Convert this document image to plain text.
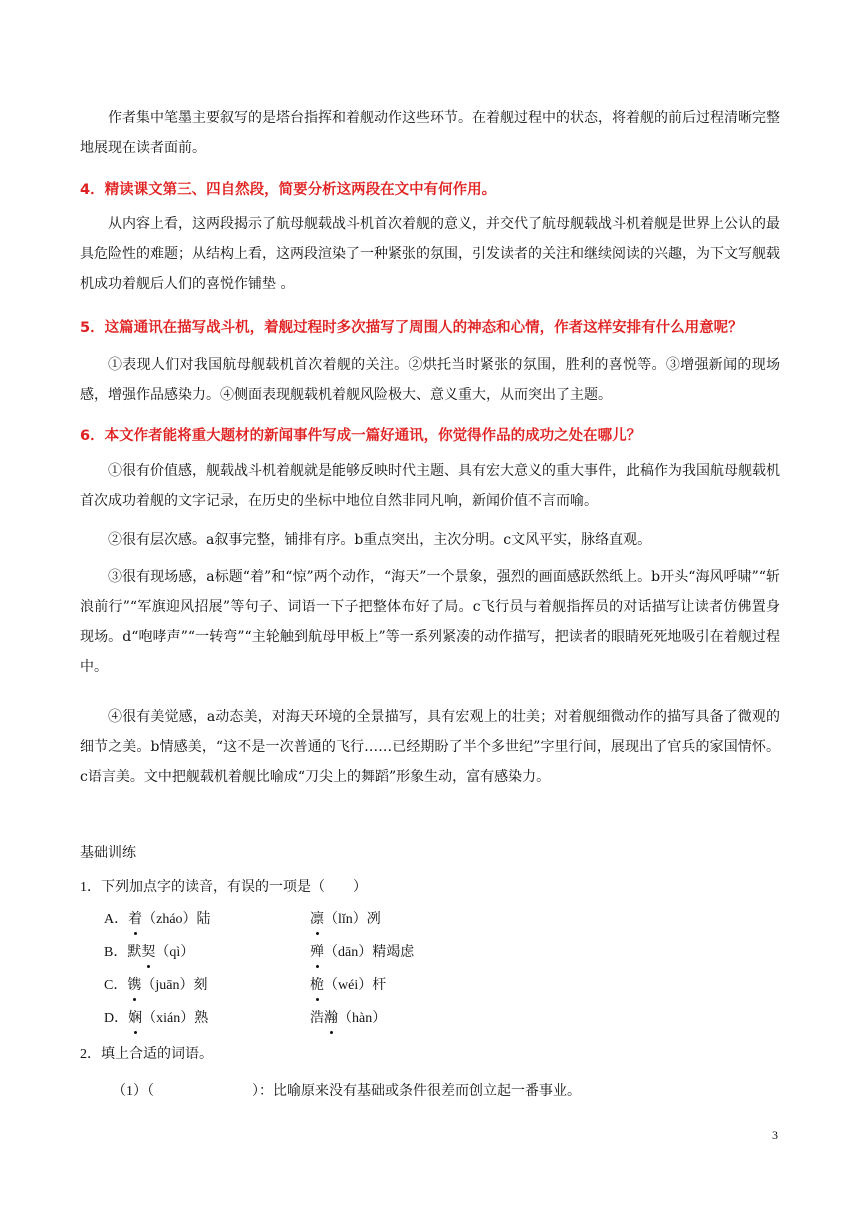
作者集中笔墨主要叙写的是塔台指挥和着舰动作这些环节。在着舰过程中的状态，将着舰的前后过程清晰完整地展现在读者面前。

4．精读课文第三、四自然段，简要分析这两段在文中有何作用。

从内容上看，这两段揭示了航母舰载战斗机首次着舰的意义，并交代了航母舰载战斗机着舰是世界上公认的最具危险性的难题；从结构上看，这两段渲染了一种紧张的氛围，引发读者的关注和继续阅读的兴趣，为下文写舰载机成功着舰后人们的喜悦作铺垫 。

5．这篇通讯在描写战斗机，着舰过程时多次描写了周围人的神态和心情，作者这样安排有什么用意呢？

①表现人们对我国航母舰载机首次着舰的关注。②烘托当时紧张的氛围，胜利的喜悦等。③增强新闻的现场感，增强作品感染力。④侧面表现舰载机着舰风险极大、意义重大，从而突出了主题。

6．本文作者能将重大题材的新闻事件写成一篇好通讯，你觉得作品的成功之处在哪儿？

①很有价值感，舰载战斗机着舰就是能够反映时代主题、具有宏大意义的重大事件，此稿作为我国航母舰载机首次成功着舰的文字记录，在历史的坐标中地位自然非同凡响，新闻价值不言而喻。

②很有层次感。a叙事完整，铺排有序。b重点突出，主次分明。c文风平实，脉络直观。

③很有现场感，a标题“着”和“惊”两个动作，“海天”一个景象，强烈的画面感跃然纸上。b开头“海风呼啸”“斩浪前行”“军旗迎风招展”等句子、词语一下子把整体布好了局。c飞行员与着舰指挥员的对话描写让读者仿佛置身现场。d“咆哮声”“一转弯”“主轮触到航母甲板上”等一系列紧凑的动作描写，把读者的眼睛死死地吸引在着舰过程中。

④很有美觉感，a动态美，对海天环境的全景描写，具有宏观上的壮美；对着舰细微动作的描写具备了微观的细节之美。b情感美，“这不是一次普通的飞行……已经期盼了半个多世纪”字里行间，展现出了官兵的家国情怀。c语言美。文中把舰载机着舰比喻成“刀尖上的舞蹈”形象生动，富有感染力。

基础训练

1．下列加点字的读音，有误的一项是（　　）

A．着（zháo）陆	凛（lǐn）冽
B．默契（qì）	殚（dān）精竭虑
C．镌（juān）刻	桅（wéi）杆
D．娴（xián）熟	浩瀚（hàn）

2．填上合适的词语。

（1）（　　　　　　　）：比喻原来没有基础或条件很差而创立起一番事业。

3
